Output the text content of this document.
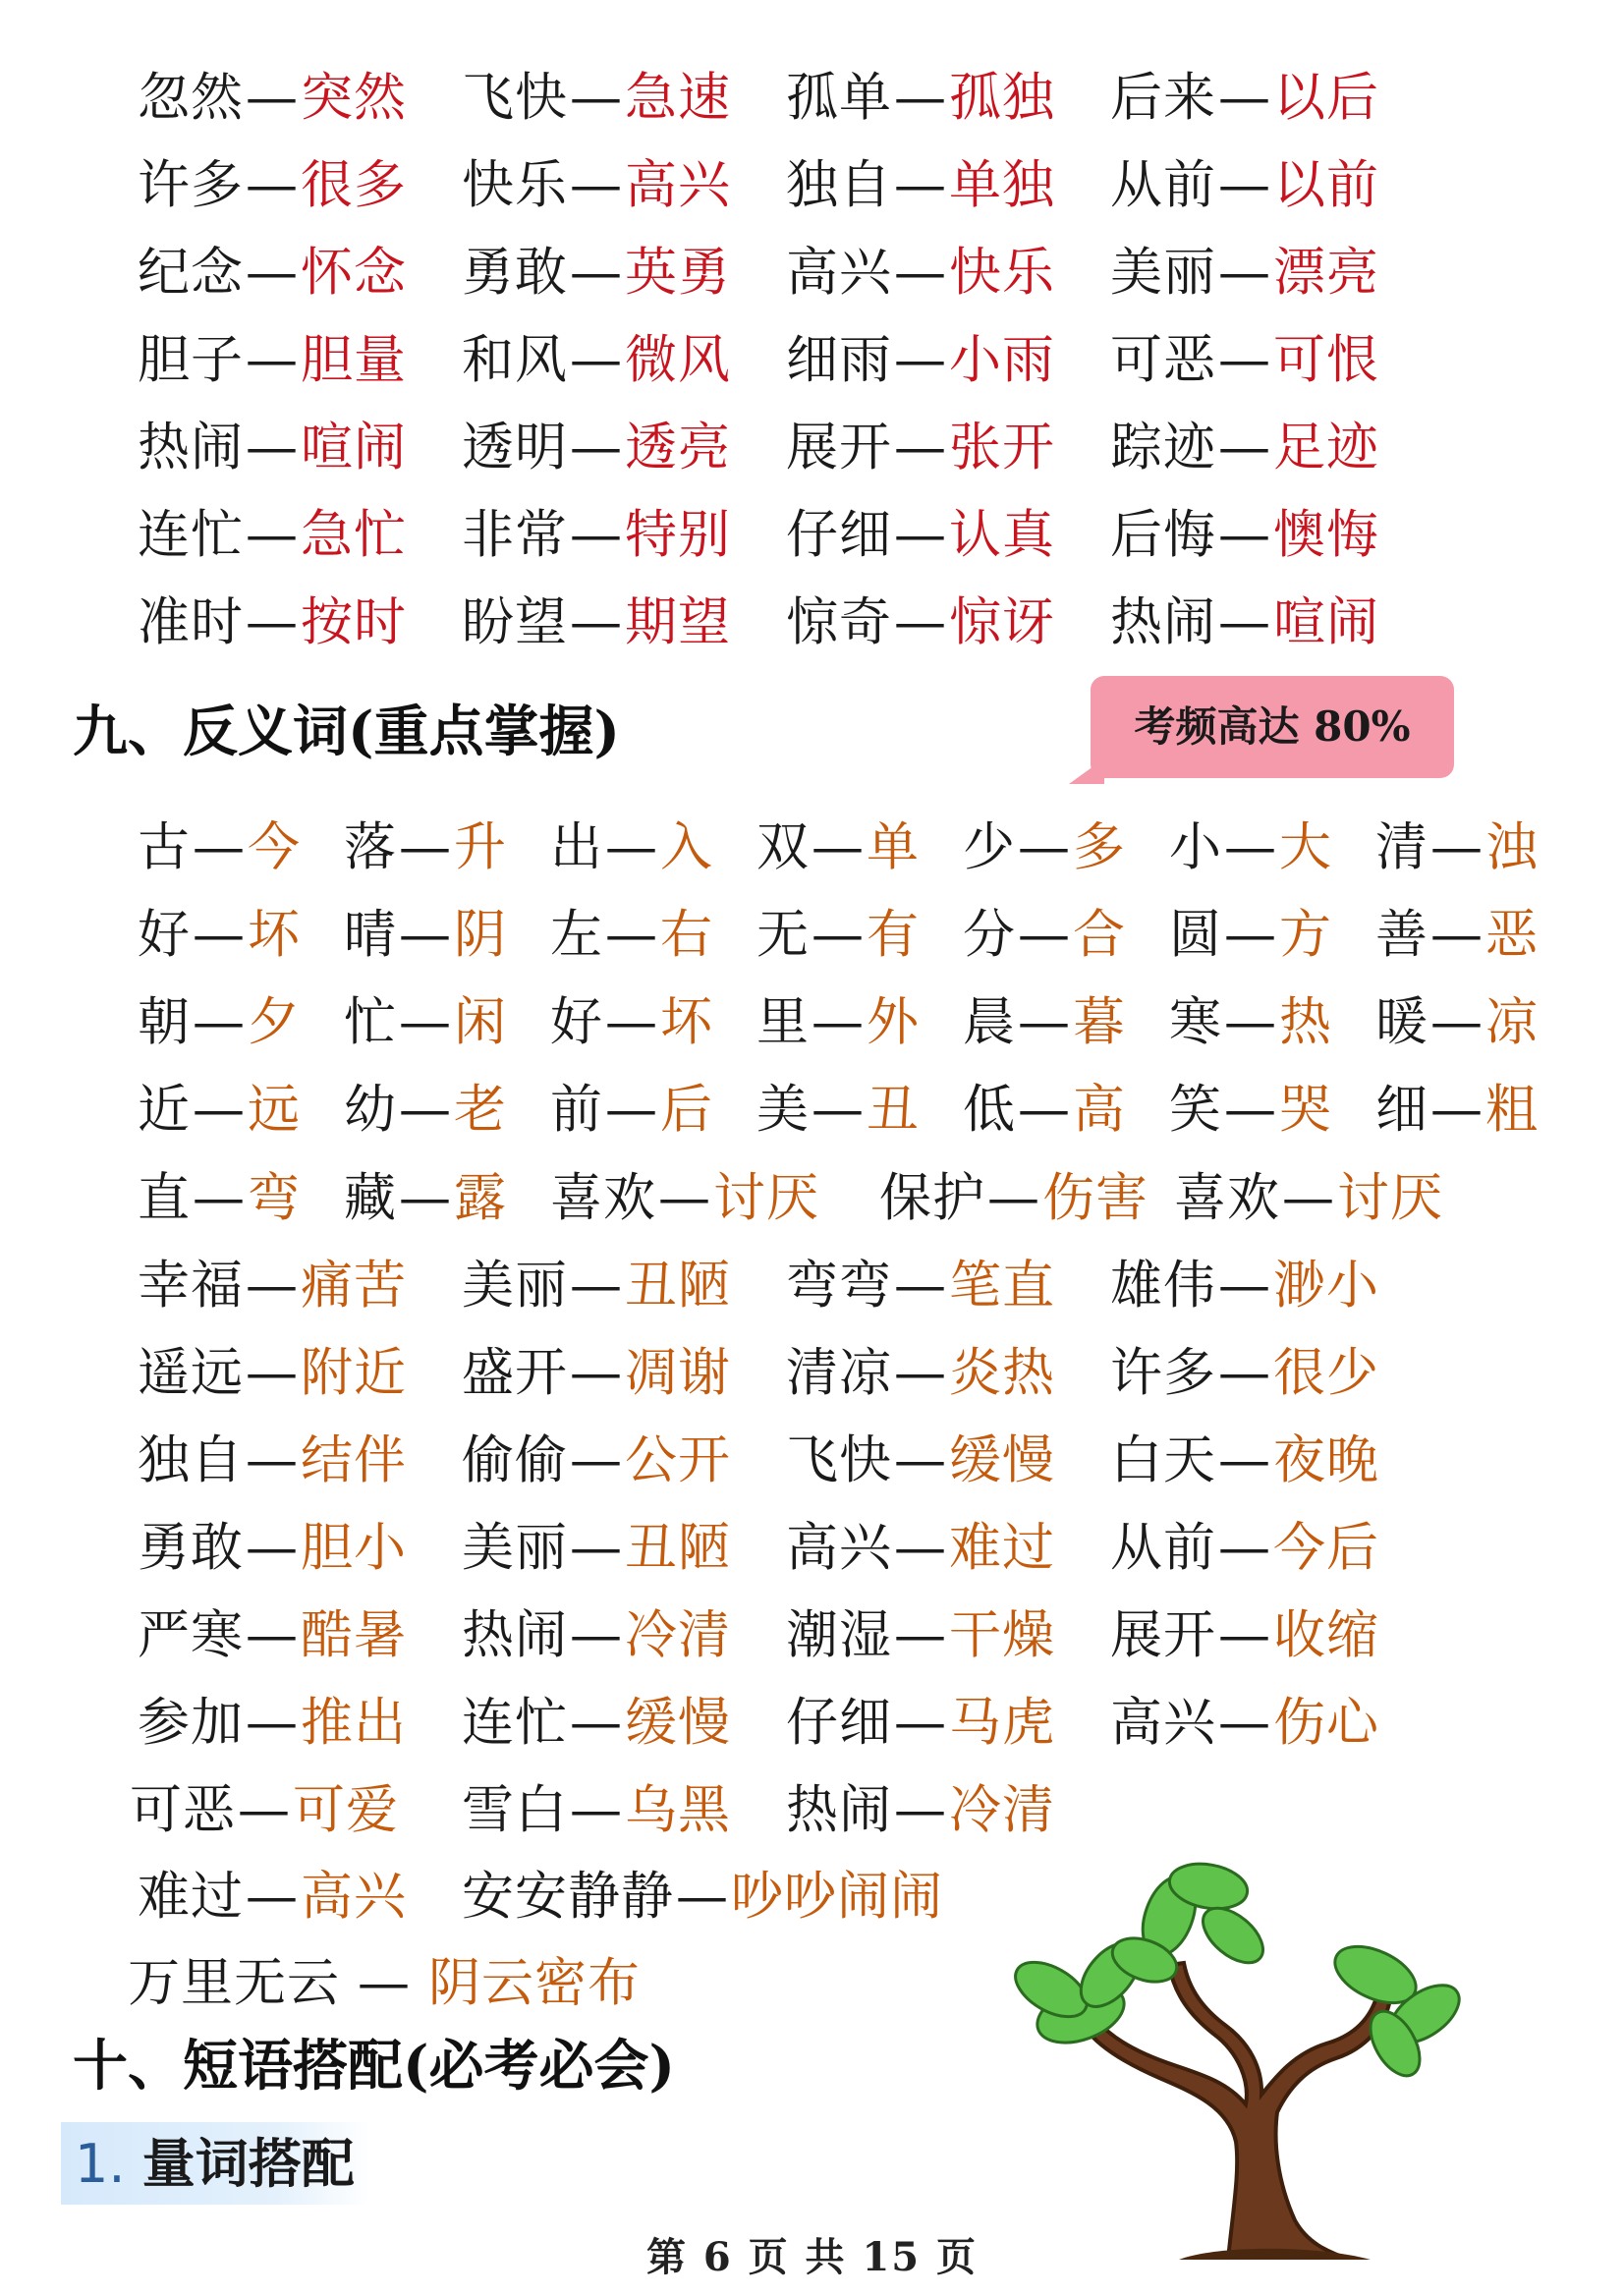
忽然—突然 飞快—急速 孤单—孤独 后来—以后
许多—很多 快乐—高兴 独自—单独 从前—以前
纪念—怀念 勇敢—英勇 高兴—快乐 美丽—漂亮
胆子—胆量 和风—微风 细雨—小雨 可恶—可恨
热闹—喧闹 透明—透亮 展开—张开 踪迹—足迹
连忙—急忙 非常—特别 仔细—认真 后悔—懊悔
准时—按时 盼望—期望 惊奇—惊讶 热闹—喧闹
九、反义词(重点掌握)	考频高达 80%
古—今 落—升 出—入 双—单 少—多 小—大 清—浊
好—坏 晴—阴 左—右 无—有 分—合 圆—方 善—恶
朝—夕 忙—闲 好—坏 里—外 晨—暮 寒—热 暖—凉
近—远 幼—老 前—后 美—丑 低—高 笑—哭 细—粗
直—弯 藏—露 喜欢—讨厌 保护—伤害 喜欢—讨厌
幸福—痛苦 美丽—丑陋 弯弯—笔直 雄伟—渺小
遥远—附近 盛开—凋谢 清凉—炎热 许多—很少
独自—结伴 偷偷—公开 飞快—缓慢 白天—夜晚
勇敢—胆小 美丽—丑陋 高兴—难过 从前—今后
严寒—酷暑 热闹—冷清 潮湿—干燥 展开—收缩
参加—推出 连忙—缓慢 仔细—马虎 高兴—伤心
可恶—可爱 雪白—乌黑 热闹—冷清
难过—高兴 安安静静—吵吵闹闹
万里无云 — 阴云密布
十、短语搭配(必考必会)
1. 量词搭配
第 6 页 共 15 页
